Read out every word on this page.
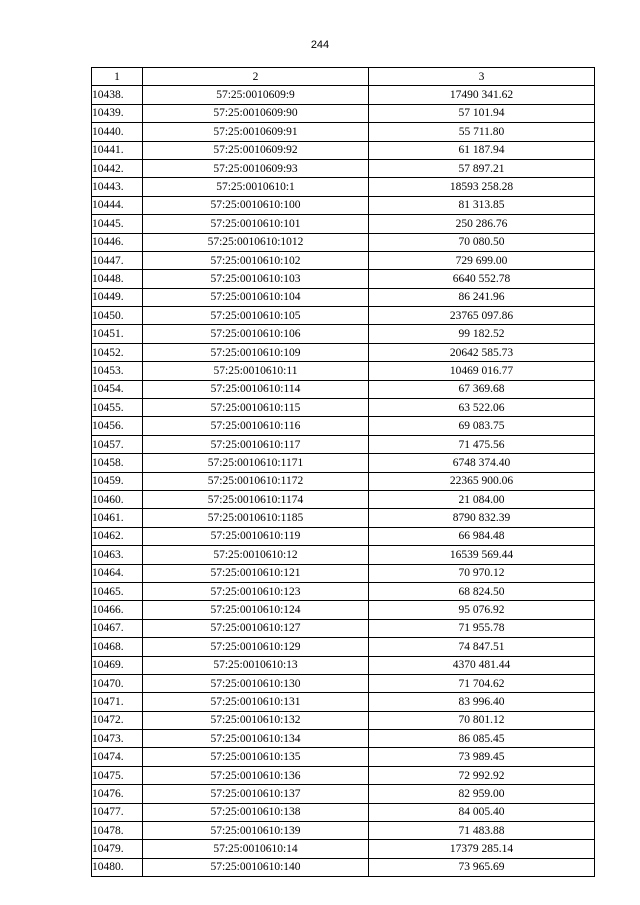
244
1	2	3
10438.	57:25:0010609:9	17490 341.62
10439.	57:25:0010609:90	57 101.94
10440.	57:25:0010609:91	55 711.80
10441.	57:25:0010609:92	61 187.94
10442.	57:25:0010609:93	57 897.21
10443.	57:25:0010610:1	18593 258.28
10444.	57:25:0010610:100	81 313.85
10445.	57:25:0010610:101	250 286.76
10446.	57:25:0010610:1012	70 080.50
10447.	57:25:0010610:102	729 699.00
10448.	57:25:0010610:103	6640 552.78
10449.	57:25:0010610:104	86 241.96
10450.	57:25:0010610:105	23765 097.86
10451.	57:25:0010610:106	99 182.52
10452.	57:25:0010610:109	20642 585.73
10453.	57:25:0010610:11	10469 016.77
10454.	57:25:0010610:114	67 369.68
10455.	57:25:0010610:115	63 522.06
10456.	57:25:0010610:116	69 083.75
10457.	57:25:0010610:117	71 475.56
10458.	57:25:0010610:1171	6748 374.40
10459.	57:25:0010610:1172	22365 900.06
10460.	57:25:0010610:1174	21 084.00
10461.	57:25:0010610:1185	8790 832.39
10462.	57:25:0010610:119	66 984.48
10463.	57:25:0010610:12	16539 569.44
10464.	57:25:0010610:121	70 970.12
10465.	57:25:0010610:123	68 824.50
10466.	57:25:0010610:124	95 076.92
10467.	57:25:0010610:127	71 955.78
10468.	57:25:0010610:129	74 847.51
10469.	57:25:0010610:13	4370 481.44
10470.	57:25:0010610:130	71 704.62
10471.	57:25:0010610:131	83 996.40
10472.	57:25:0010610:132	70 801.12
10473.	57:25:0010610:134	86 085.45
10474.	57:25:0010610:135	73 989.45
10475.	57:25:0010610:136	72 992.92
10476.	57:25:0010610:137	82 959.00
10477.	57:25:0010610:138	84 005.40
10478.	57:25:0010610:139	71 483.88
10479.	57:25:0010610:14	17379 285.14
10480.	57:25:0010610:140	73 965.69
